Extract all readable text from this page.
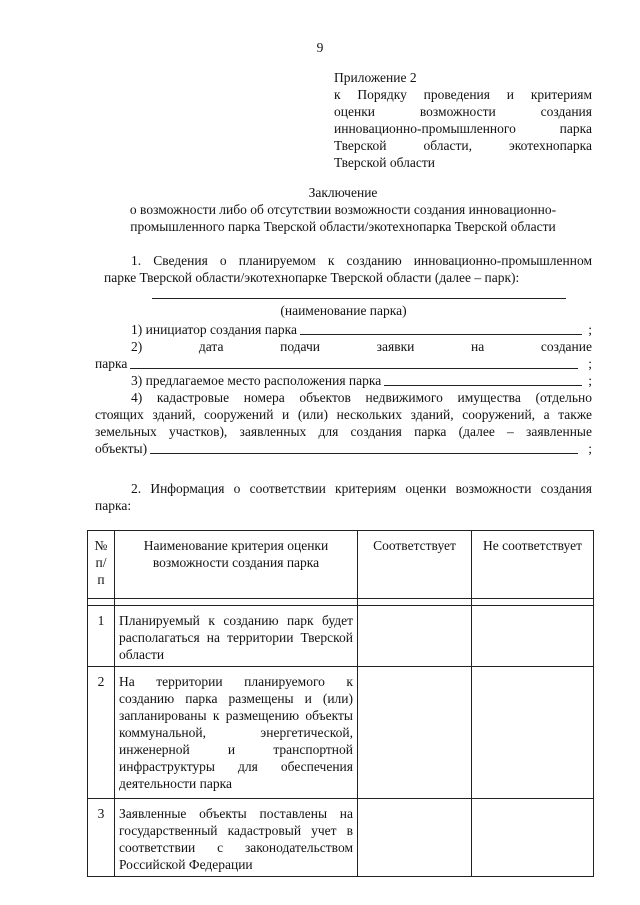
9
Приложение 2
к Порядку проведения и критериям
оценки возможности создания
инновационно-промышленного парка
Тверской области, экотехнопарка
Тверской области
Заключение
о возможности либо об отсутствии возможности создания инновационно-
промышленного парка Тверской области/экотехнопарка Тверской области
1. Сведения о планируемом к созданию инновационно-промышленном
парке Тверской области/экотехнопарке Тверской области (далее – парк):
(наименование парка)
1) инициатор создания парка	;
2) дата подачи заявки на создание
парка	;
3) предлагаемое место расположения парка	;
4) кадастровые номера объектов недвижимого имущества (отдельно
стоящих зданий, сооружений и (или) нескольких зданий, сооружений, а также
земельных участков), заявленных для создания парка (далее – заявленные
объекты)	;
2. Информация о соответствии критериям оценки возможности создания
парка:
№ п/п	Наименование критерия оценки возможности создания парка	Соответствует	Не соответствует

1	Планируемый к созданию парк будет располагаться на территории Тверской области		
2	На территории планируемого к созданию парка размещены и (или) запланированы к размещению объекты коммунальной, энергетической, инженерной и транспортной инфраструктуры для обеспечения деятельности парка		
3	Заявленные объекты поставлены на государственный кадастровый учет в соответствии с законодательством Российской Федерации		
